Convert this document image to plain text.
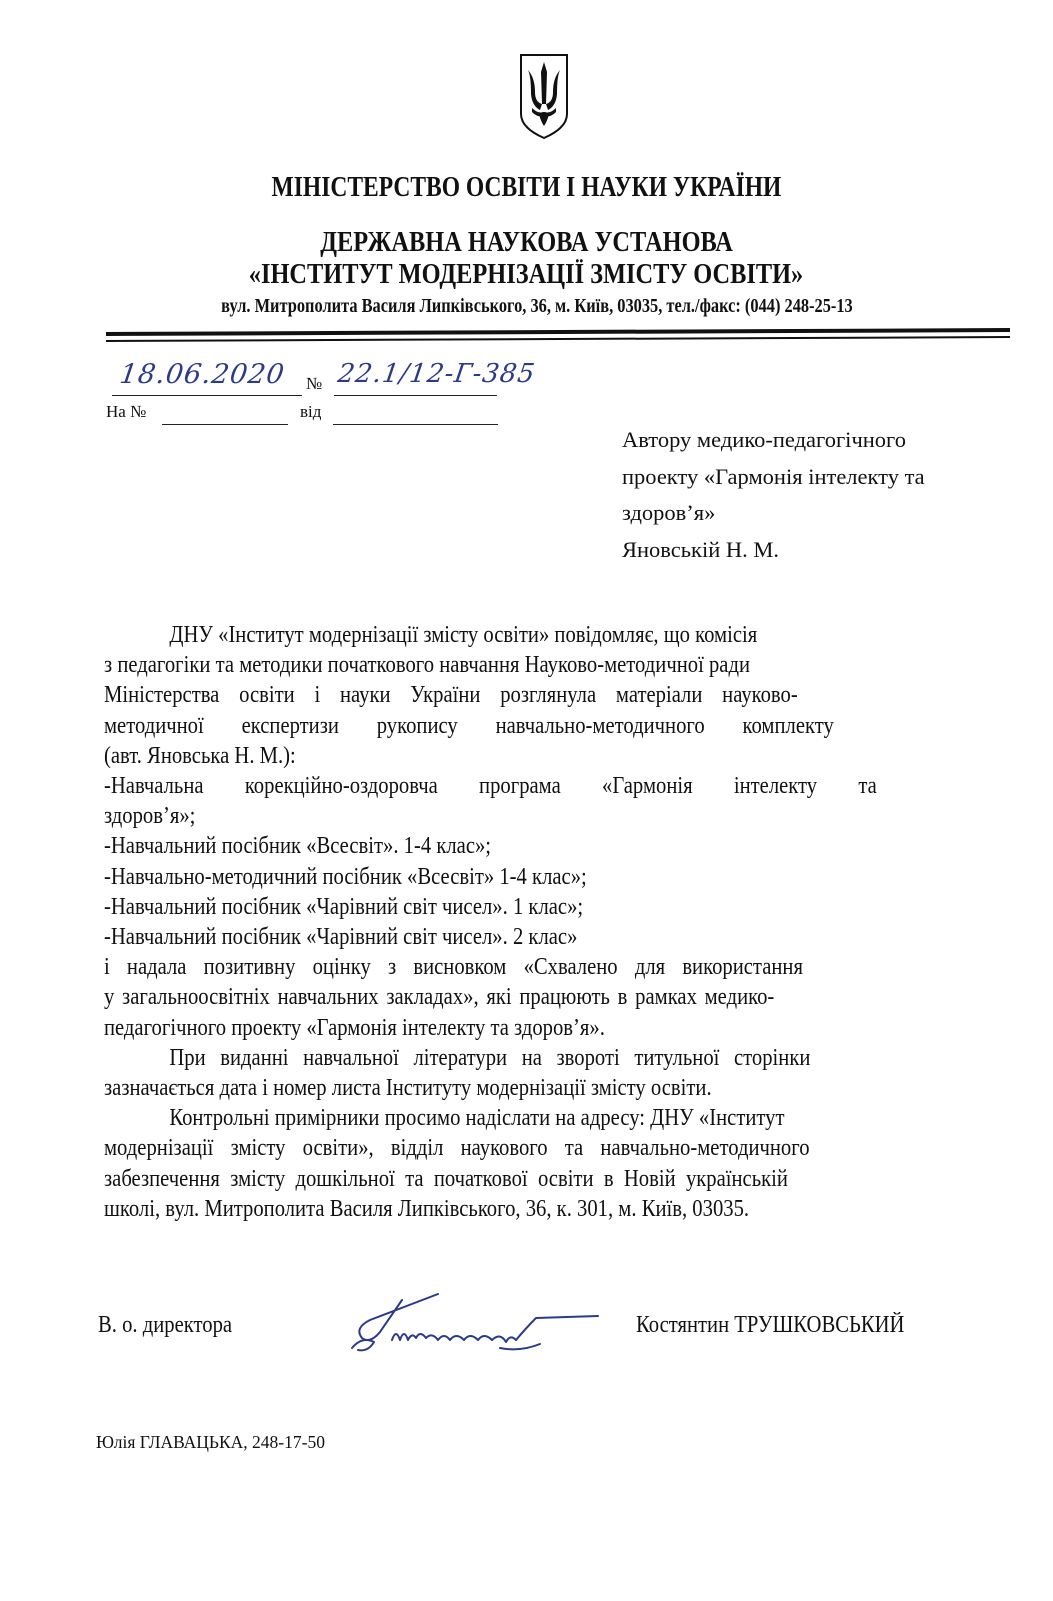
МІНІСТЕРСТВО ОСВІТИ І НАУКИ УКРАЇНИ
ДЕРЖАВНА НАУКОВА УСТАНОВА
«ІНСТИТУТ МОДЕРНІЗАЦІЇ ЗМІСТУ ОСВІТИ»
вул. Митрополита Василя Липківського, 36, м. Київ, 03035, тел./факс: (044) 248-25-13
18.06.2020 № 22.1/12-Г-385
На №	від
Автору медико-педагогічного
проекту «Гармонія інтелекту та
здоров’я»
Яновській Н. М.
ДНУ «Інститут модернізації змісту освіти» повідомляє, що комісія
з педагогіки та методики початкового навчання Науково-методичної ради
Міністерства освіти і науки України розглянула матеріали науково-
методичної експертизи рукопису навчально-методичного комплекту
(авт. Яновська Н. М.):
-Навчальна корекційно-оздоровча програма «Гармонія інтелекту та
здоров’я»;
-Навчальний посібник «Всесвіт». 1-4 клас»;
-Навчально-методичний посібник «Всесвіт» 1-4 клас»;
-Навчальний посібник «Чарівний світ чисел». 1 клас»;
-Навчальний посібник «Чарівний світ чисел». 2 клас»
і надала позитивну оцінку з висновком «Схвалено для використання
у загальноосвітніх навчальних закладах», які працюють в рамках медико-
педагогічного проекту «Гармонія інтелекту та здоров’я».
При виданні навчальної літератури на звороті титульної сторінки
зазначається дата і номер листа Інституту модернізації змісту освіти.
Контрольні примірники просимо надіслати на адресу: ДНУ «Інститут
модернізації змісту освіти», відділ наукового та навчально-методичного
забезпечення змісту дошкільної та початкової освіти в Новій українській
школі, вул. Митрополита Василя Липківського, 36, к. 301, м. Київ, 03035.
В. о. директора	Костянтин ТРУШКОВСЬКИЙ
Юлія ГЛАВАЦЬКА, 248-17-50
